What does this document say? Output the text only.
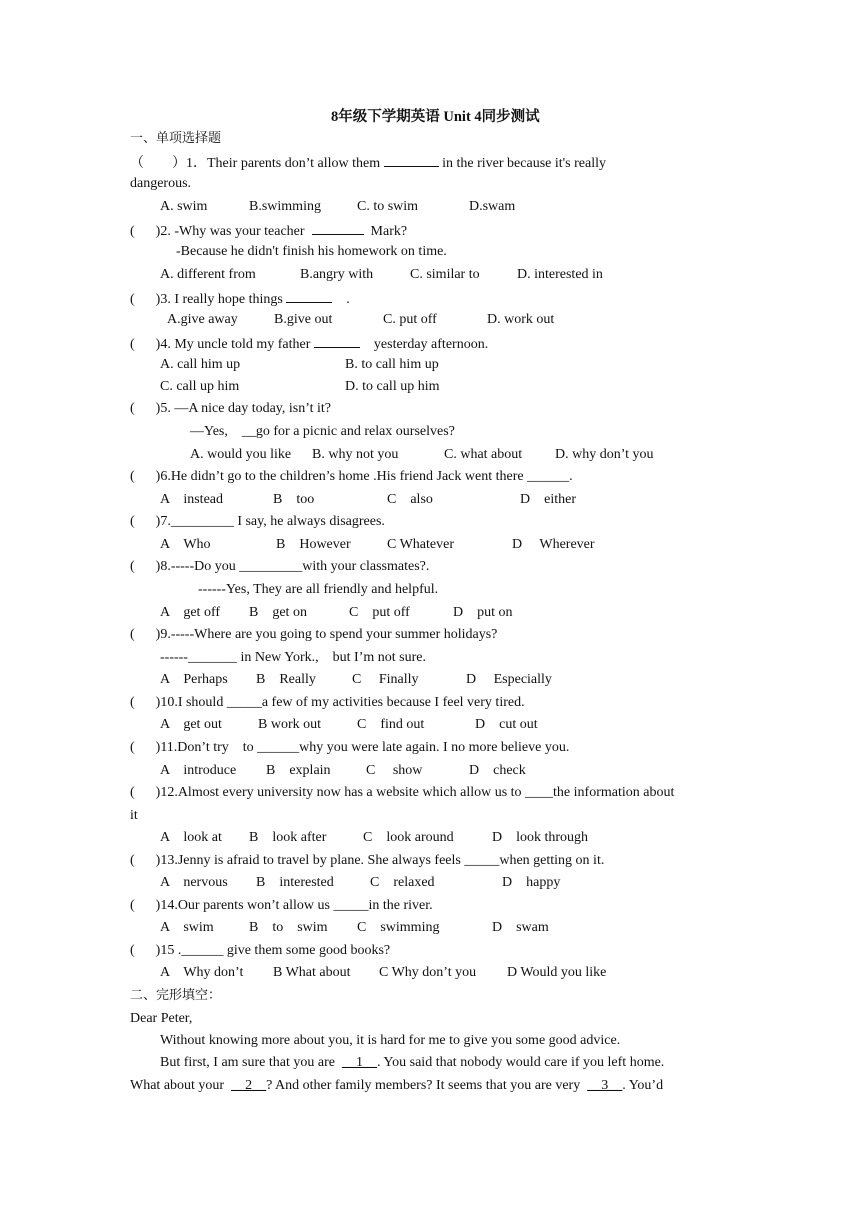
8年级下学期英语 Unit 4同步测试
一、单项选择题
（　　）1．Their parents don’t allow them	in the river because it's really
dangerous.
A. swim	B.swimming	C. to swim	D.swam
(　  )2. -Why was your teacher	Mark?
-Because he didn't finish his homework on time.
A. different from	B.angry with	C. similar to	D. interested in
(　  )3. I really hope things	.
A.give away	B.give out	C. put off	D. work out
(　  )4. My uncle told my father	yesterday afternoon.
A. call him up	B. to call him up
C. call up him	D. to call up him
(　  )5. —A nice day today, isn’t it?
—Yes,　__go for a picnic and relax ourselves?
A. would you like B. why not you	C. what about D. why don’t you
(　  )6.He didn’t go to the children’s home .His friend Jack went there ______.
A　instead	B　too	C　also	D　either
(　  )7._________ I say, he always disagrees.
A　Who	B　However	C Whatever	D　 Wherever
(　  )8.-----Do you _________with your classmates?.
------Yes, They are all friendly and helpful.
A　get off B　get on	C　put off	D　put on
(　  )9.-----Where are you going to spend your summer holidays?
------_______ in New York.,　but I’m not sure.
A　Perhaps B　Really	C　 Finally	D　 Especially
(　  )10.I should _____a few of my activities because I feel very tired.
A　get out	B work out	C　find out	D　cut out
(　  )11.Don’t try　to ______why you were late again. I no more believe you.
A　introduce B　explain	C　 show	D　check
(　  )12.Almost every university now has a website which allow us to ____the information about
it
A　look at B　look after	C　look around	D　look through
(　  )13.Jenny is afraid to travel by plane. She always feels _____when getting on it.
A　nervous B　interested	C　relaxed	D　happy
(　  )14.Our parents won’t allow us _____in the river.
A　swim	B　to　swim C　swimming	D　swam
(　  )15 .______ give them some good books?
A　Why don’t B What about C Why don’t you D Would you like
二、完形填空：
Dear Peter,
Without knowing more about you, it is hard for me to give you some good advice.
But first, I am sure that you are __1__. You said that nobody would care if you left home.
What about your __2__? And other family members? It seems that you are very __3__. You’d
